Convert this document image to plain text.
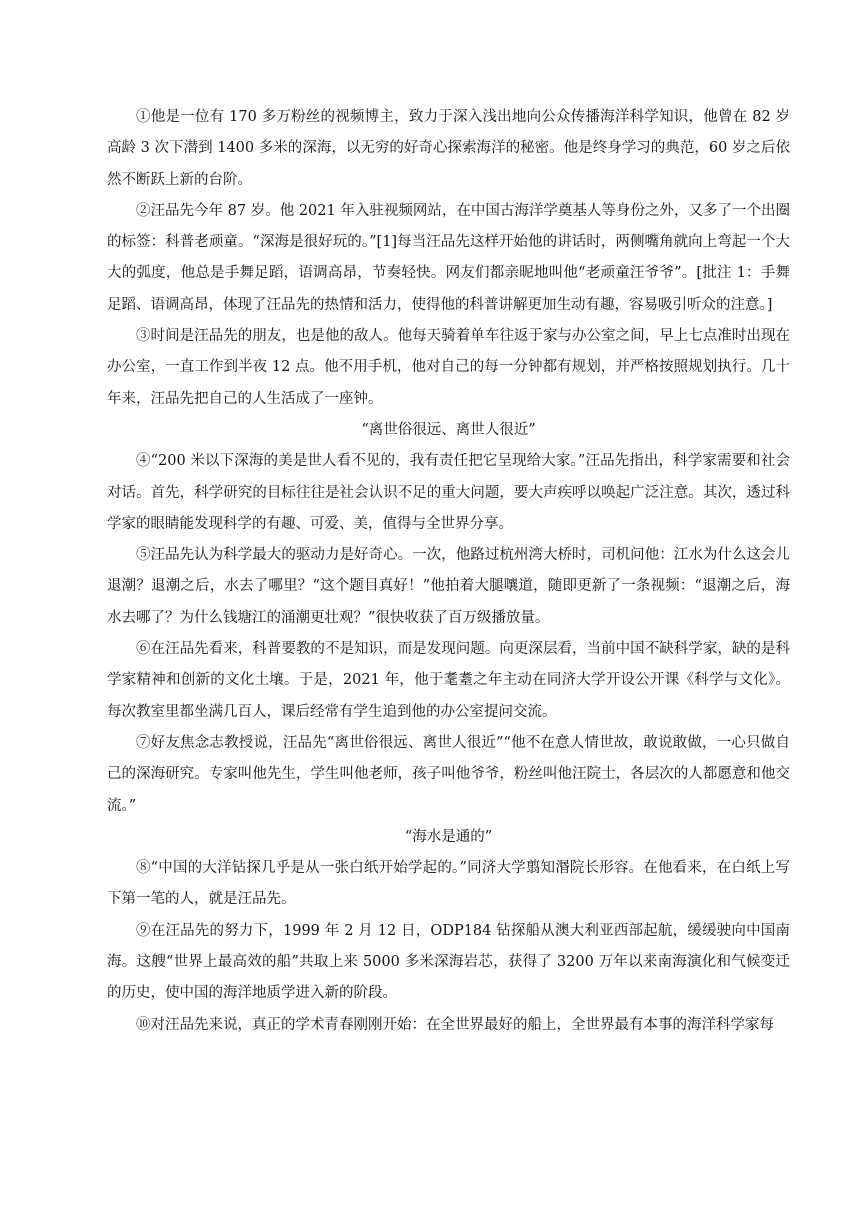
①他是一位有 170 多万粉丝的视频博主，致力于深入浅出地向公众传播海洋科学知识，他曾在 82 岁高龄 3 次下潜到 1400 多米的深海，以无穷的好奇心探索海洋的秘密。他是终身学习的典范，60 岁之后依然不断跃上新的台阶。

②汪品先今年 87 岁。他 2021 年入驻视频网站，在中国古海洋学奠基人等身份之外，又多了一个出圈的标签：科普老顽童。“深海是很好玩的。”[1]每当汪品先这样开始他的讲话时，两侧嘴角就向上弯起一个大大的弧度，他总是手舞足蹈，语调高昂，节奏轻快。网友们都亲昵地叫他“老顽童汪爷爷”。[批注 1：手舞足蹈、语调高昂，体现了汪品先的热情和活力，使得他的科普讲解更加生动有趣，容易吸引听众的注意。]

③时间是汪品先的朋友，也是他的敌人。他每天骑着单车往返于家与办公室之间，早上七点准时出现在办公室，一直工作到半夜 12 点。他不用手机，他对自己的每一分钟都有规划，并严格按照规划执行。几十年来，汪品先把自己的人生活成了一座钟。

“离世俗很远、离世人很近”

④“200 米以下深海的美是世人看不见的，我有责任把它呈现给大家。”汪品先指出，科学家需要和社会对话。首先，科学研究的目标往往是社会认识不足的重大问题，要大声疾呼以唤起广泛注意。其次，透过科学家的眼睛能发现科学的有趣、可爱、美，值得与全世界分享。

⑤汪品先认为科学最大的驱动力是好奇心。一次，他路过杭州湾大桥时，司机问他：江水为什么这会儿退潮？退潮之后，水去了哪里？“这个题目真好！”他拍着大腿嚷道，随即更新了一条视频：“退潮之后，海水去哪了？为什么钱塘江的涌潮更壮观？”很快收获了百万级播放量。

⑥在汪品先看来，科普要教的不是知识，而是发现问题。向更深层看，当前中国不缺科学家，缺的是科学家精神和创新的文化土壤。于是，2021 年，他于耄耋之年主动在同济大学开设公开课《科学与文化》。每次教室里都坐满几百人，课后经常有学生追到他的办公室提问交流。

⑦好友焦念志教授说，汪品先“离世俗很远、离世人很近”“他不在意人情世故，敢说敢做，一心只做自己的深海研究。专家叫他先生，学生叫他老师，孩子叫他爷爷，粉丝叫他汪院士，各层次的人都愿意和他交流。”

“海水是通的”

⑧“中国的大洋钻探几乎是从一张白纸开始学起的。”同济大学翦知湣院长形容。在他看来，在白纸上写下第一笔的人，就是汪品先。

⑨在汪品先的努力下，1999 年 2 月 12 日，ODP184 钻探船从澳大利亚西部起航，缓缓驶向中国南海。这艘“世界上最高效的船”共取上来 5000 多米深海岩芯，获得了 3200 万年以来南海演化和气候变迁的历史，使中国的海洋地质学进入新的阶段。

⑩对汪品先来说，真正的学术青春刚刚开始：在全世界最好的船上，全世界最有本事的海洋科学家每
